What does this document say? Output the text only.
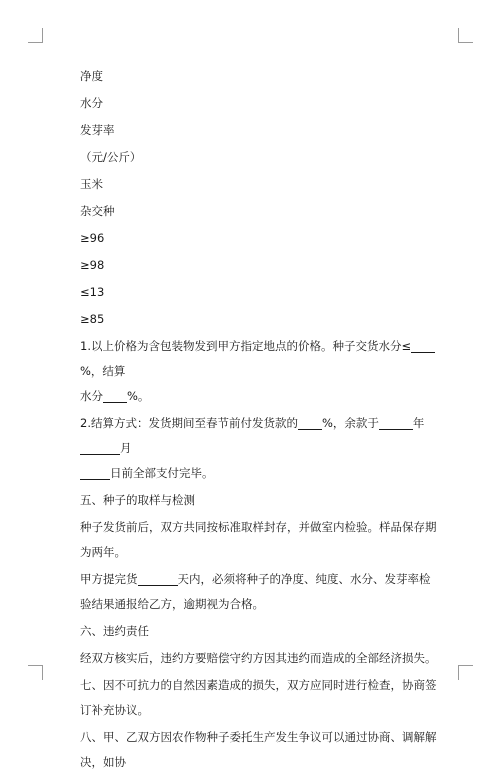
净度
水分
发芽率
（元/公斤）
玉米
杂交种
≥96
≥98
≤13
≥85
1.以上价格为含包装物发到甲方指定地点的价格。种子交货水分≤%，结算
水分 %。
2.结算方式：发货期间至春节前付发货款的 %，余款于	年月
日前全部支付完毕。
五、种子的取样与检测
种子发货前后，双方共同按标准取样封存，并做室内检验。样品保存期为两年。
甲方提完货	天内，必须将种子的净度、纯度、水分、发芽率检验结果通报给乙方，逾期视为合格。
六、违约责任
经双方核实后，违约方要赔偿守约方因其违约而造成的全部经济损失。
七、因不可抗力的自然因素造成的损失，双方应同时进行检查，协商签订补充协议。
八、甲、乙双方因农作物种子委托生产发生争议可以通过协商、调解解决，如协
